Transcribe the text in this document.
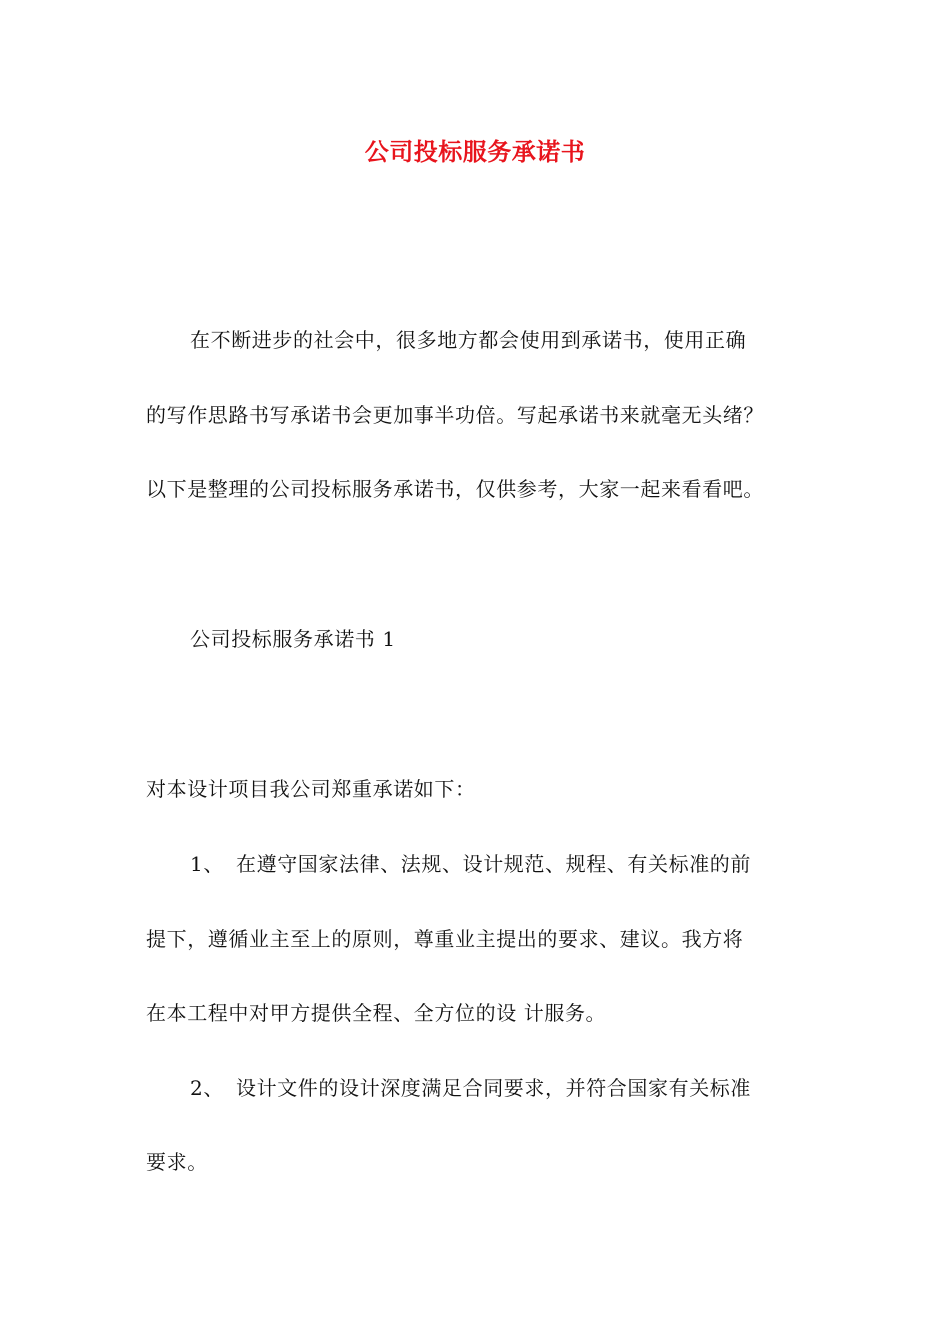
公司投标服务承诺书
在不断进步的社会中，很多地方都会使用到承诺书，使用正确
的写作思路书写承诺书会更加事半功倍。写起承诺书来就毫无头绪？
以下是整理的公司投标服务承诺书，仅供参考，大家一起来看看吧。
公司投标服务承诺书 1
对本设计项目我公司郑重承诺如下：
1、 在遵守国家法律、法规、设计规范、规程、有关标准的前
提下，遵循业主至上的原则，尊重业主提出的要求、建议。我方将
在本工程中对甲方提供全程、全方位的设 计服务。
2、 设计文件的设计深度满足合同要求，并符合国家有关标准
要求。
